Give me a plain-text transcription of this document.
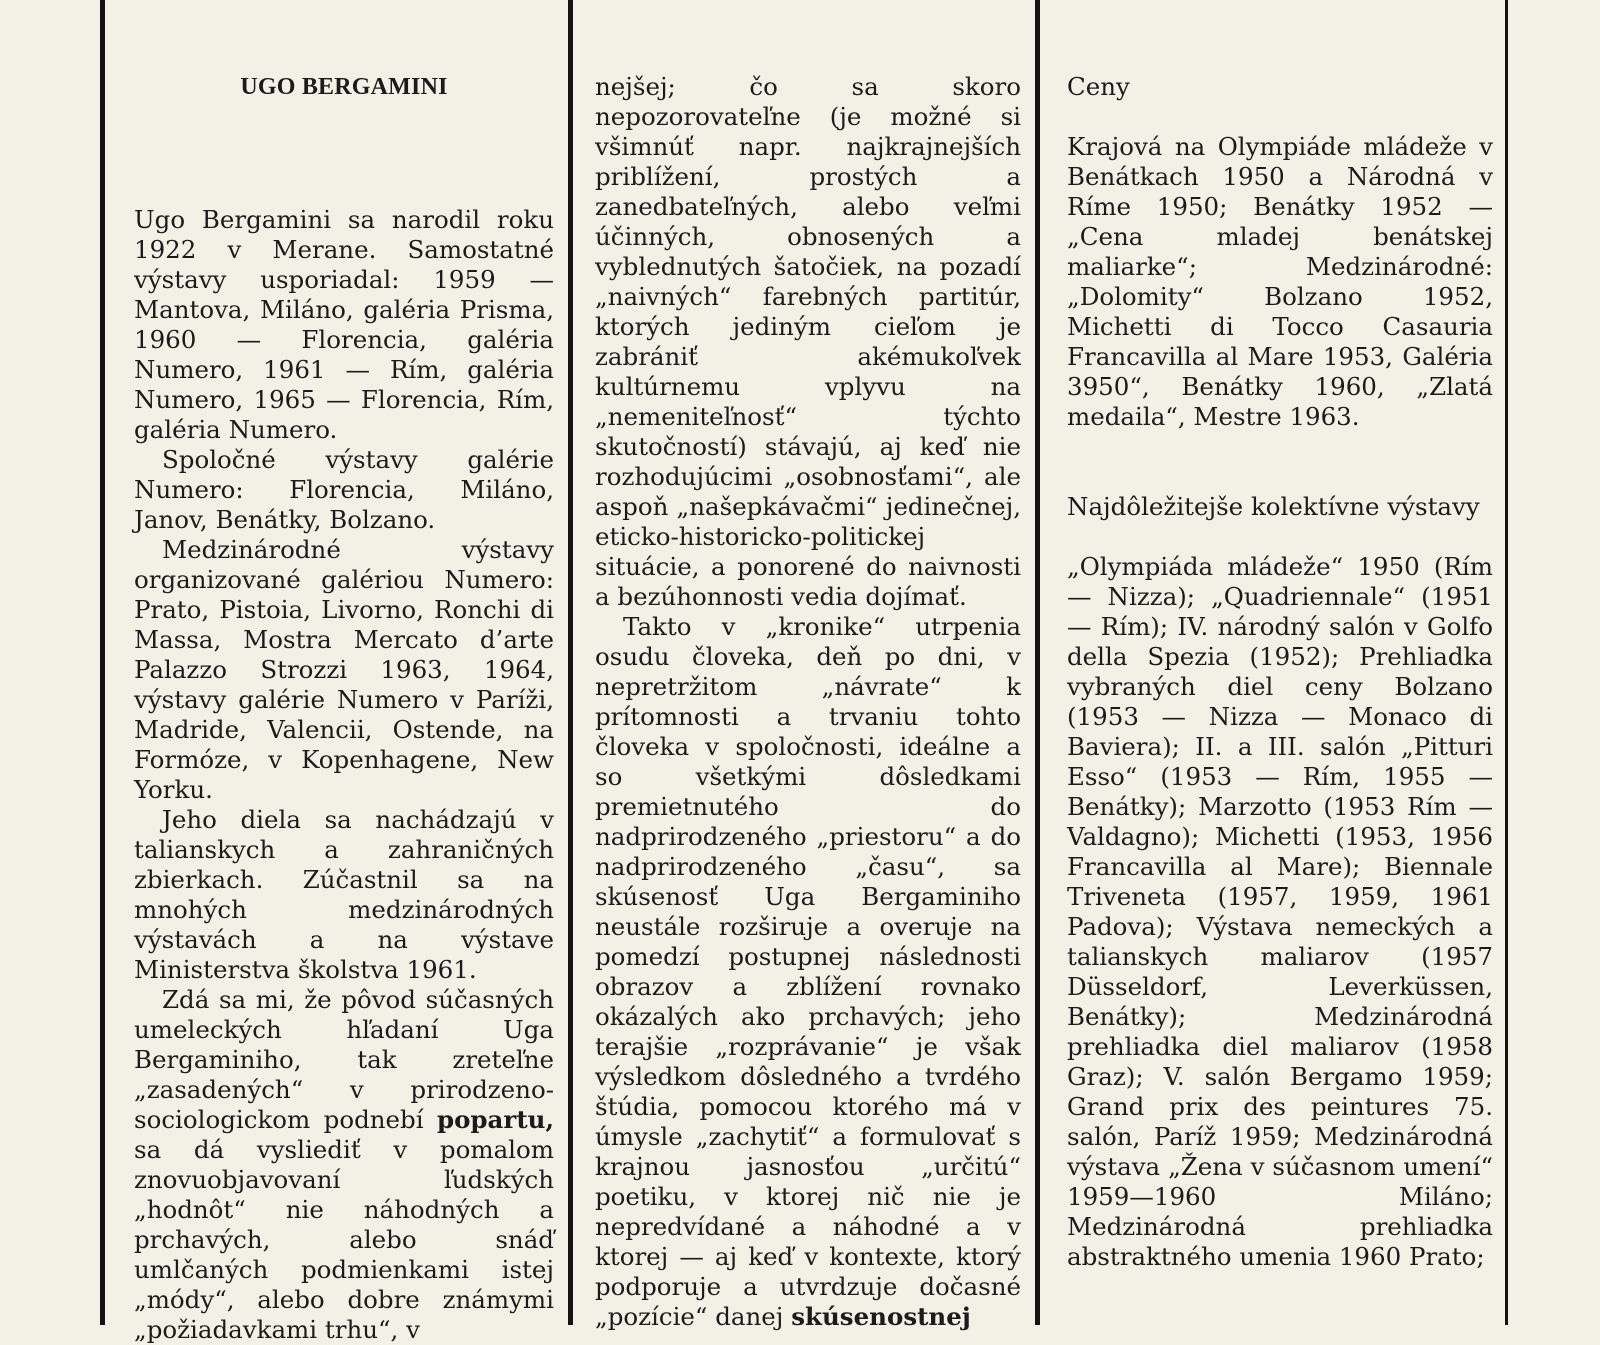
UGO BERGAMINI

Ugo Bergamini sa narodil roku 1922 v Merane. Samostatné výstavy usporiadal: 1959 — Mantova, Miláno, galéria Prisma, 1960 — Florencia, galéria Numero, 1961 — Rím, galéria Numero, 1965 — Florencia, Rím, galéria Numero.

Spoločné výstavy galérie Numero: Florencia, Miláno, Janov, Benátky, Bolzano.

Medzinárodné výstavy organizované galériou Numero: Prato, Pistoia, Livorno, Ronchi di Massa, Mostra Mercato d’arte Palazzo Strozzi 1963, 1964, výstavy galérie Numero v Paríži, Madride, Valencii, Ostende, na Formóze, v Kopenhagene, New Yorku.

Jeho diela sa nachádzajú v talianskych a zahraničných zbierkach. Zúčastnil sa na mnohých medzinárodných výstavách a na výstave Ministerstva školstva 1961.

Zdá sa mi, že pôvod súčasných umeleckých hľadaní Uga Bergaminiho, tak zreteľne „zasadených“ v prirodzeno-sociologickom podnebí popartu, sa dá vysliediť v pomalom znovuobjavovaní ľudských „hodnôt“ nie náhodných a prchavých, alebo snáď umlčaných podmienkami istej „módy“, alebo dobre známymi „požiadavkami trhu“, v

nejšej; čo sa skoro nepozorovateľne (je možné si všimnúť napr. najkrajnejších priblížení, prostých a zanedbateľných, alebo veľmi účinných, obnosených a vyblednutých šatočiek, na pozadí „naivných“ farebných partitúr, ktorých jediným cieľom je zabrániť akémukoľvek kultúrnemu vplyvu na „nemeniteľnosť“ týchto skutočností) stávajú, aj keď nie rozhodujúcimi „osobnosťami“, ale aspoň „našepkávačmi“ jedinečnej, eticko-historicko-politickej situácie, a ponorené do naivnosti a bezúhonnosti vedia dojímať.

Takto v „kronike“ utrpenia osudu človeka, deň po dni, v nepretržitom „návrate“ k prítomnosti a trvaniu tohto človeka v spoločnosti, ideálne a so všetkými dôsledkami premietnutého do nadprirodzeného „priestoru“ a do nadprirodzeného „času“, sa skúsenosť Uga Bergaminiho neustále rozširuje a overuje na pomedzí postupnej následnosti obrazov a zblížení rovnako okázalých ako prchavých; jeho terajšie „rozprávanie“ je však výsledkom dôsledného a tvrdého štúdia, pomocou ktorého má v úmysle „zachytiť“ a formulovať s krajnou jasnosťou „určitú“ poetiku, v ktorej nič nie je nepredvídané a náhodné a v ktorej — aj keď v kontexte, ktorý podporuje a utvrdzuje dočasné „pozície“ danej skúsenostnej

Ceny

Krajová na Olympiáde mládeže v Benátkach 1950 a Národná v Ríme 1950; Benátky 1952 — „Cena mladej benátskej maliarke“; Medzinárodné: „Dolomity“ Bolzano 1952, Michetti di Tocco Casauria Francavilla al Mare 1953, Galéria 3950“, Benátky 1960, „Zlatá medaila“, Mestre 1963.

Najdôležitejše kolektívne výstavy

„Olympiáda mládeže“ 1950 (Rím — Nizza); „Quadriennale“ (1951 — Rím); IV. národný salón v Golfo della Spezia (1952); Prehliadka vybraných diel ceny Bolzano (1953 — Nizza — Monaco di Baviera); II. a III. salón „Pitturi Esso“ (1953 — Rím, 1955 — Benátky); Marzotto (1953 Rím — Valdagno); Michetti (1953, 1956 Francavilla al Mare); Biennale Triveneta (1957, 1959, 1961 Padova); Výstava nemeckých a talianskych maliarov (1957 Düsseldorf, Leverküssen, Benátky); Medzinárodná prehliadka diel maliarov (1958 Graz); V. salón Bergamo 1959; Grand prix des peintures 75. salón, Paríž 1959; Medzinárodná výstava „Žena v súčasnom umení“ 1959—1960 Miláno; Medzinárodná prehliadka abstraktného umenia 1960 Prato;
